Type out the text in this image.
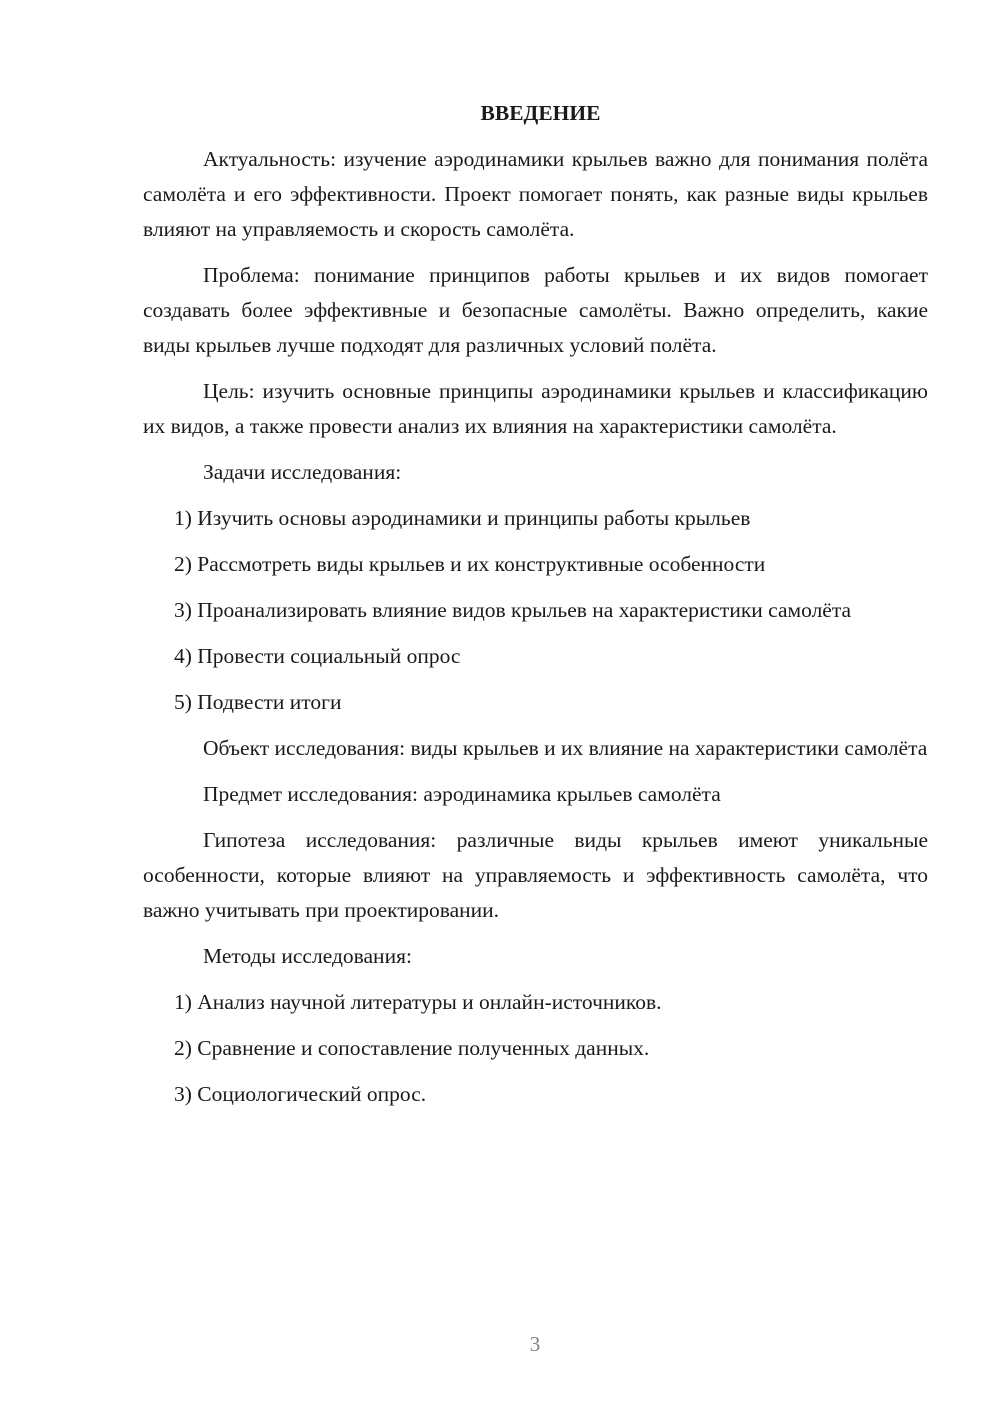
ВВЕДЕНИЕ

Актуальность: изучение аэродинамики крыльев важно для понимания полёта самолёта и его эффективности. Проект помогает понять, как разные виды крыльев влияют на управляемость и скорость самолёта.

Проблема: понимание принципов работы крыльев и их видов помогает создавать более эффективные и безопасные самолёты. Важно определить, какие виды крыльев лучше подходят для различных условий полёта.

Цель: изучить основные принципы аэродинамики крыльев и классификацию их видов, а также провести анализ их влияния на характеристики самолёта.

Задачи исследования:

1) Изучить основы аэродинамики и принципы работы крыльев

2) Рассмотреть виды крыльев и их конструктивные особенности

3) Проанализировать влияние видов крыльев на характеристики самолёта

4) Провести социальный опрос

5) Подвести итоги

Объект исследования: виды крыльев и их влияние на характеристики самолёта

Предмет исследования: аэродинамика крыльев самолёта

Гипотеза исследования: различные виды крыльев имеют уникальные особенности, которые влияют на управляемость и эффективность самолёта, что важно учитывать при проектировании.

Методы исследования:

1) Анализ научной литературы и онлайн-источников.

2) Сравнение и сопоставление полученных данных.

3) Социологический опрос.

3
